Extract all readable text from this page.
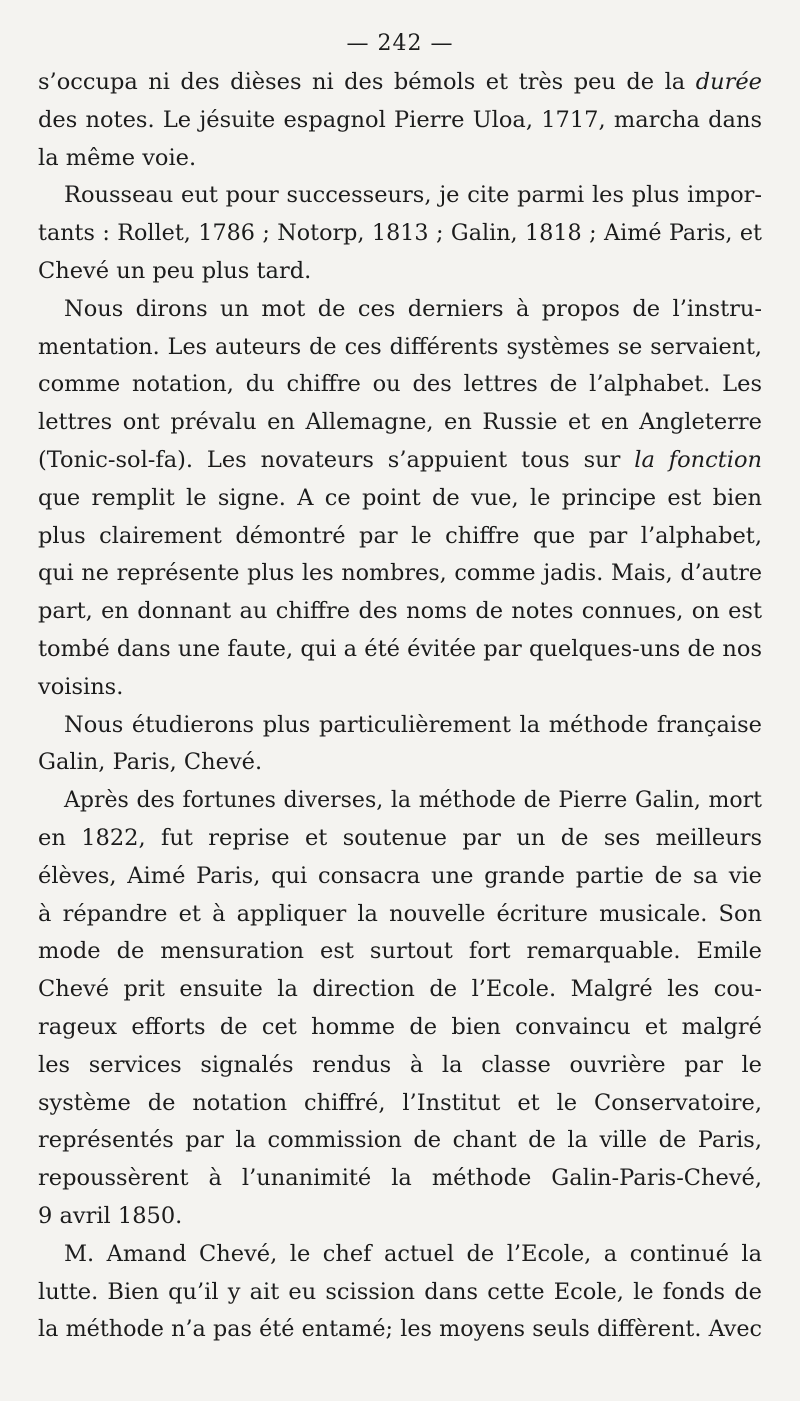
— 242 —
s’occupa ni des dièses ni des bémols et très peu de la durée
des notes. Le jésuite espagnol Pierre Uloa, 1717, marcha dans
la même voie.
Rousseau eut pour successeurs, je cite parmi les plus impor-
tants : Rollet, 1786 ; Notorp, 1813 ; Galin, 1818 ; Aimé Paris, et
Chevé un peu plus tard.
Nous dirons un mot de ces derniers à propos de l’instru-
mentation. Les auteurs de ces différents systèmes se servaient,
comme notation, du chiffre ou des lettres de l’alphabet. Les
lettres ont prévalu en Allemagne, en Russie et en Angleterre
(Tonic-sol-fa). Les novateurs s’appuient tous sur la fonction
que remplit le signe. A ce point de vue, le principe est bien
plus clairement démontré par le chiffre que par l’alphabet,
qui ne représente plus les nombres, comme jadis. Mais, d’autre
part, en donnant au chiffre des noms de notes connues, on est
tombé dans une faute, qui a été évitée par quelques-uns de nos
voisins.
Nous étudierons plus particulièrement la méthode française
Galin, Paris, Chevé.
Après des fortunes diverses, la méthode de Pierre Galin, mort
en 1822, fut reprise et soutenue par un de ses meilleurs
élèves, Aimé Paris, qui consacra une grande partie de sa vie
à répandre et à appliquer la nouvelle écriture musicale. Son
mode de mensuration est surtout fort remarquable. Emile
Chevé prit ensuite la direction de l’Ecole. Malgré les cou-
rageux efforts de cet homme de bien convaincu et malgré
les services signalés rendus à la classe ouvrière par le
système de notation chiffré, l’Institut et le Conservatoire,
représentés par la commission de chant de la ville de Paris,
repoussèrent à l’unanimité la méthode Galin-Paris-Chevé,
9 avril 1850.
M. Amand Chevé, le chef actuel de l’Ecole, a continué la
lutte. Bien qu’il y ait eu scission dans cette Ecole, le fonds de
la méthode n’a pas été entamé; les moyens seuls diffèrent. Avec
